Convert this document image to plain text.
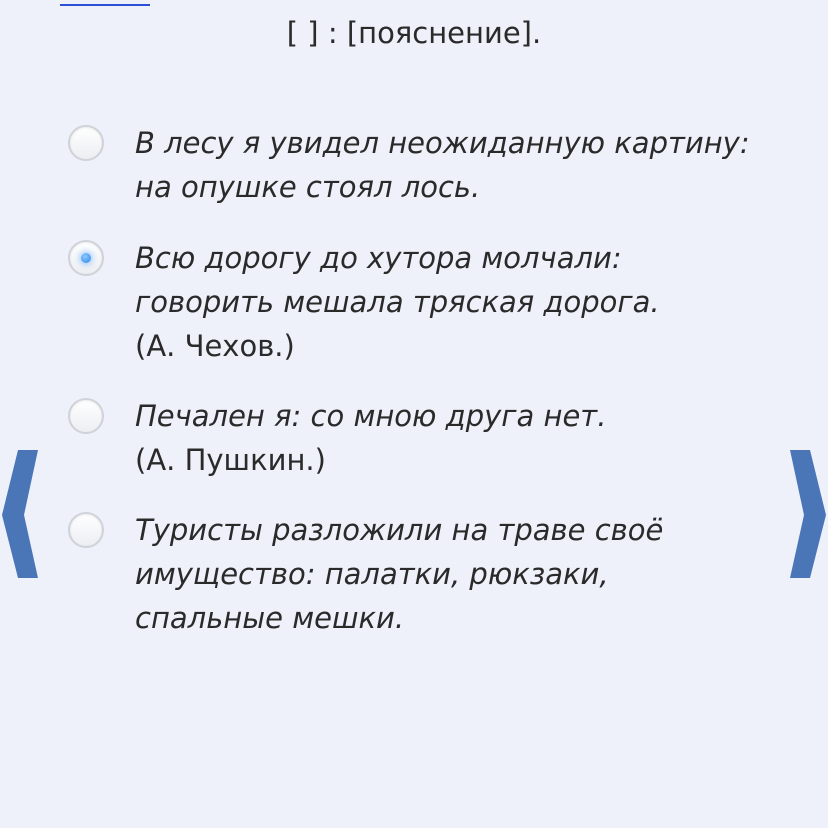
[ ] : [пояснение].
В лесу я увидел неожиданную картину:
на опушке стоял лось.
Всю дорогу до хутора молчали:
говорить мешала тряская дорога.
(А. Чехов.)
Печален я: со мною друга нет.
(А. Пушкин.)
Туристы разложили на траве своё
имущество: палатки, рюкзаки,
спальные мешки.
